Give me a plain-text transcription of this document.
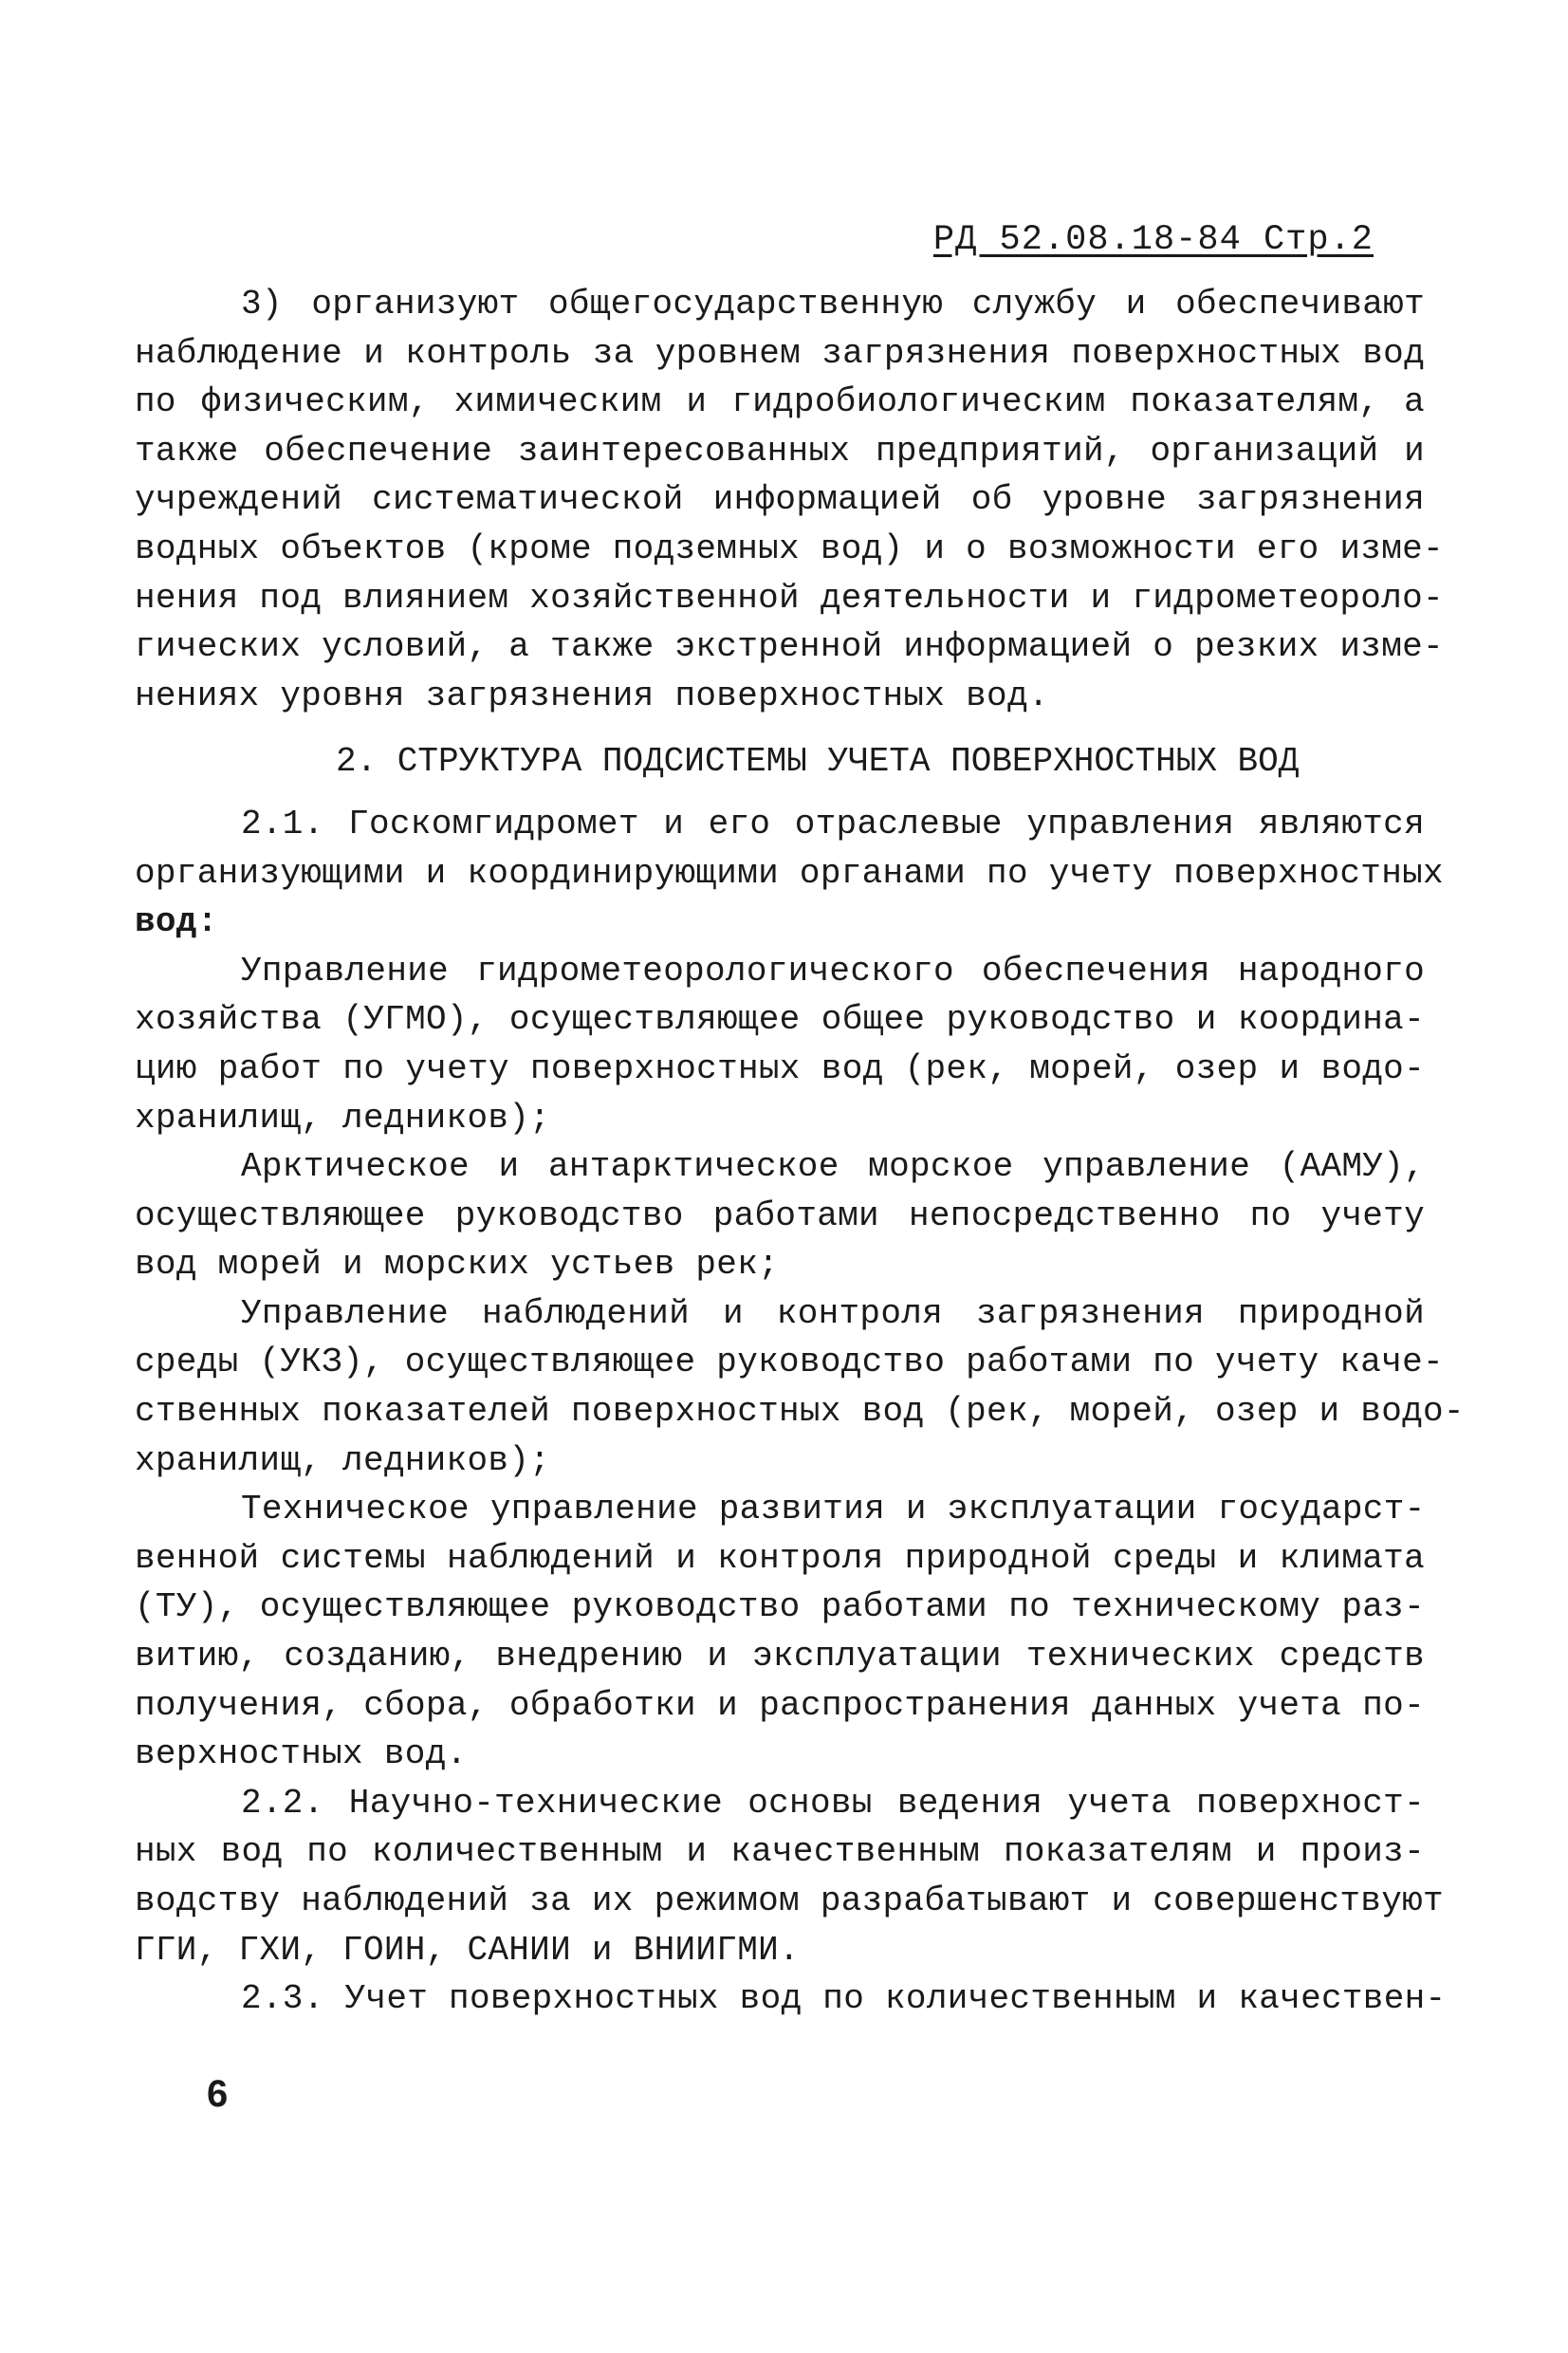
РД 52.08.18-84 Стр.2
3) организуют общегосударственную службу и обеспечивают
наблюдение и контроль за уровнем загрязнения поверхностных вод
по физическим, химическим и гидробиологическим показателям, а
также обеспечение заинтересованных предприятий, организаций и
учреждений систематической информацией об уровне загрязнения
водных объектов (кроме подземных вод) и о возможности его изме-
нения под влиянием хозяйственной деятельности и гидрометеороло-
гических условий, а также экстренной информацией о резких изме-
нениях уровня загрязнения поверхностных вод.
2. СТРУКТУРА ПОДСИСТЕМЫ УЧЕТА ПОВЕРХНОСТНЫХ ВОД
2.1. Госкомгидромет и его отраслевые управления являются
организующими и координирующими органами по учету поверхностных
вод:
Управление гидрометеорологического обеспечения народного
хозяйства (УГМО), осуществляющее общее руководство и координа-
цию работ по учету поверхностных вод (рек, морей, озер и водо-
хранилищ, ледников);
Арктическое и антарктическое морское управление (ААМУ),
осуществляющее руководство работами непосредственно по учету
вод морей и морских устьев рек;
Управление наблюдений и контроля загрязнения природной
среды (УКЗ), осуществляющее руководство работами по учету каче-
ственных показателей поверхностных вод (рек, морей, озер и водо-
хранилищ, ледников);
Техническое управление развития и эксплуатации государст-
венной системы наблюдений и контроля природной среды и климата
(ТУ), осуществляющее руководство работами по техническому раз-
витию, созданию, внедрению и эксплуатации технических средств
получения, сбора, обработки и распространения данных учета по-
верхностных вод.
2.2. Научно-технические основы ведения учета поверхност-
ных вод по количественным и качественным показателям и произ-
водству наблюдений за их режимом разрабатывают и совершенствуют
ГГИ, ГХИ, ГОИН, САНИИ и ВНИИГМИ.
2.3. Учет поверхностных вод по количественным и качествен-
6
